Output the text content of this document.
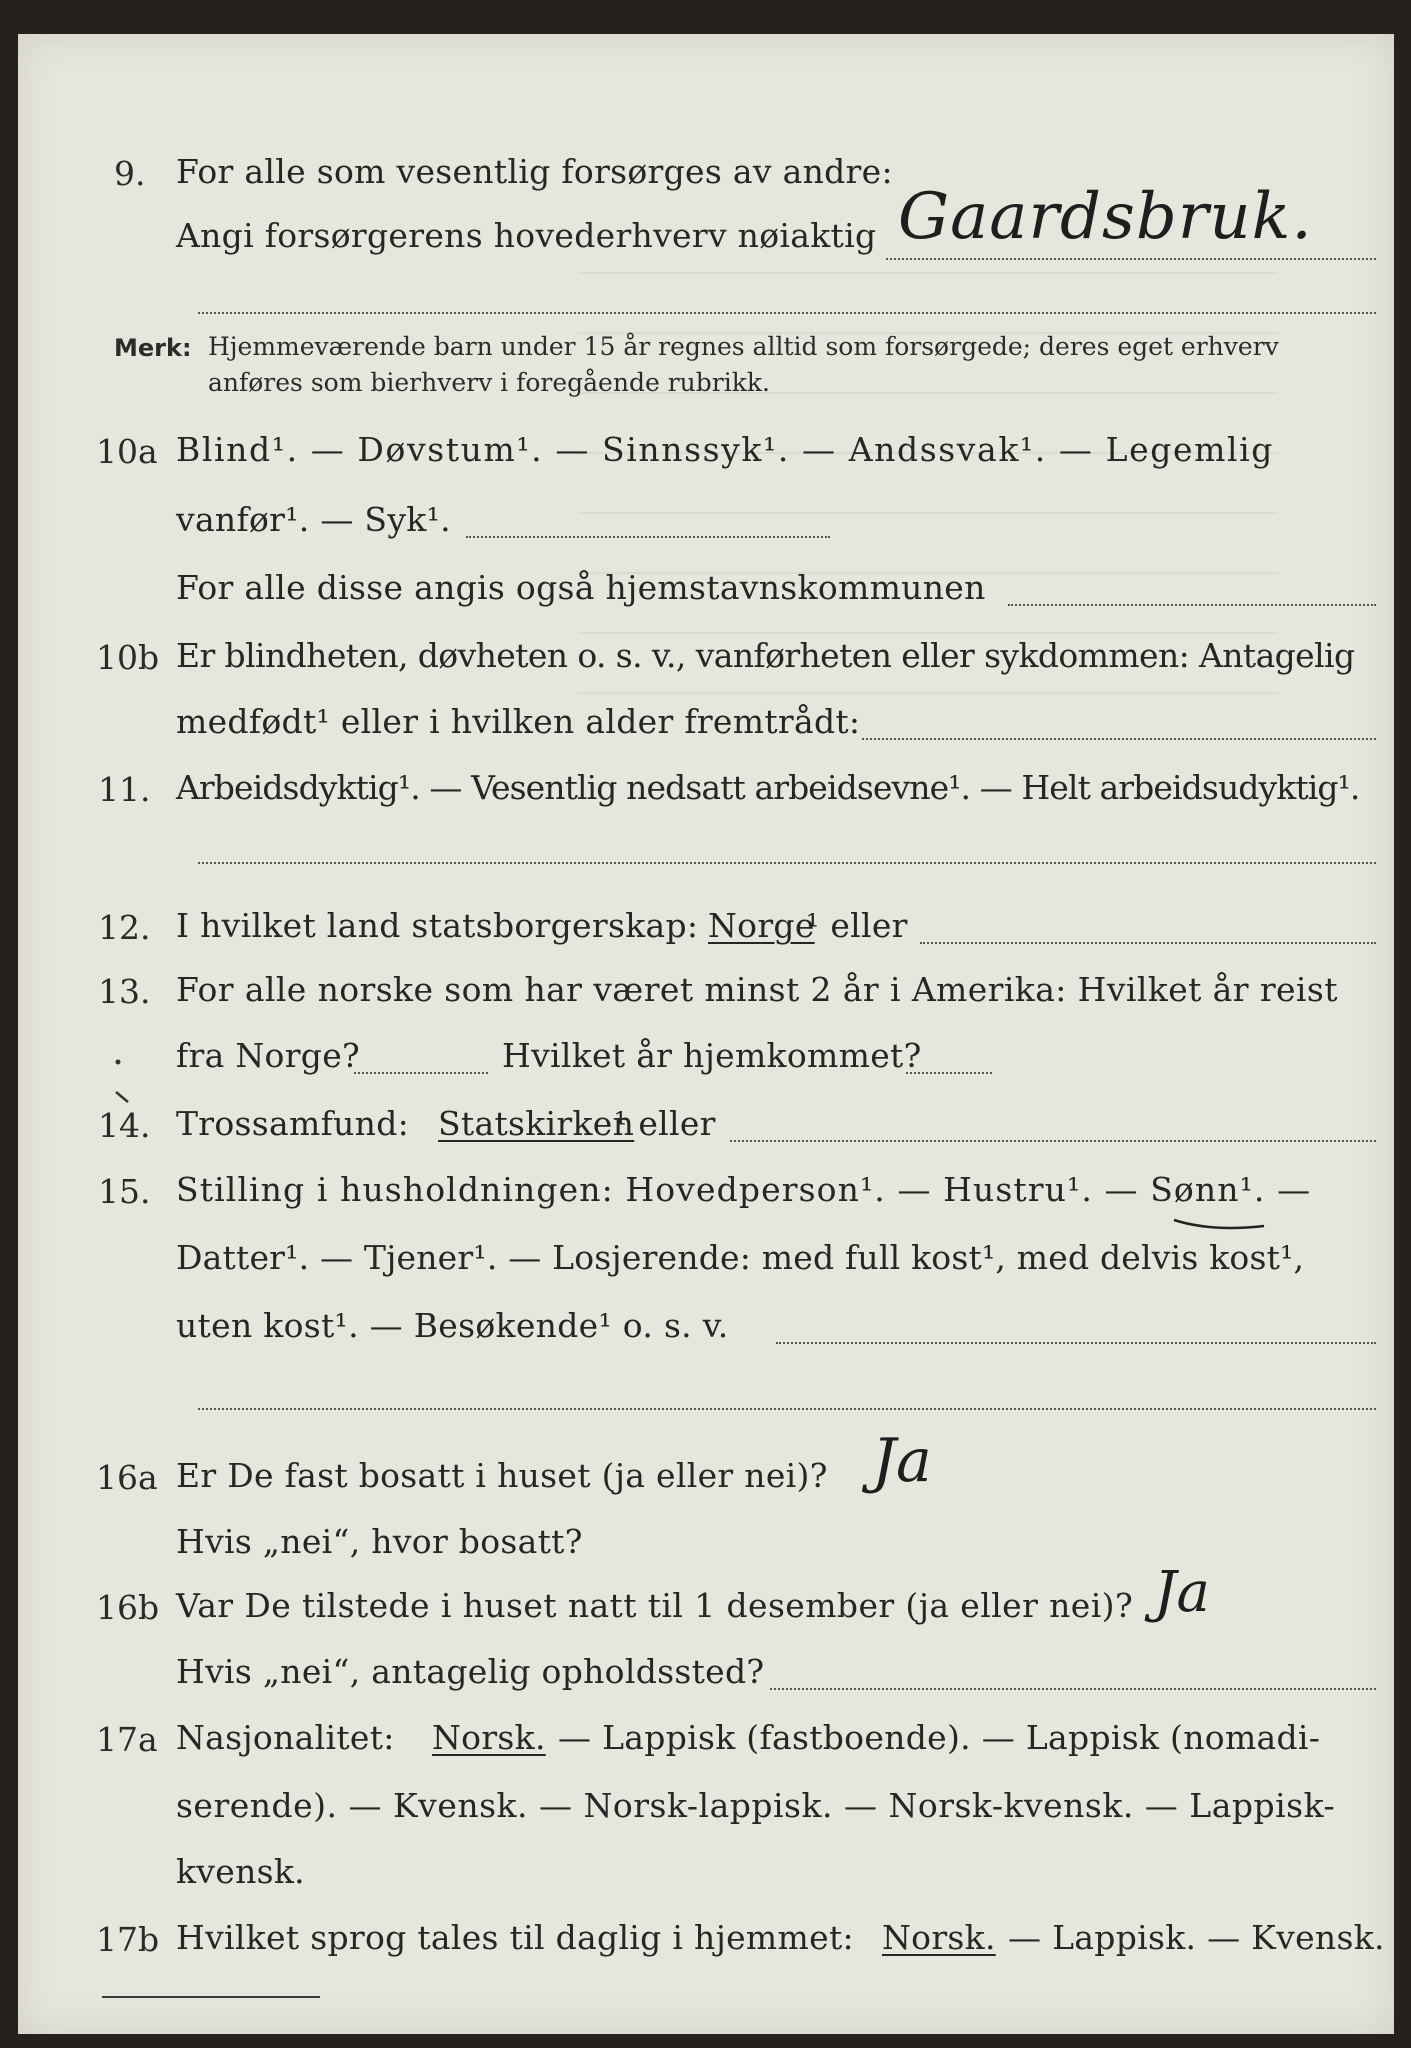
9. For alle som vesentlig forsørges av andre:
Angi forsørgerens hovederhverv nøiaktig Gaardsbruk.
Merk: Hjemmeværende barn under 15 år regnes alltid som forsørgede; deres eget erhverv
anføres som bierhverv i foregående rubrikk.
10a Blind¹. — Døvstum¹. — Sinnssyk¹. — Andssvak¹. — Legemlig
vanfør¹. — Syk¹.
For alle disse angis også hjemstavnskommunen
10b Er blindheten, døvheten o. s. v., vanførheten eller sykdommen: Antagelig
medfødt¹ eller i hvilken alder fremtrådt:
11. Arbeidsdyktig¹. — Vesentlig nedsatt arbeidsevne¹. — Helt arbeidsudyktig¹.
12. I hvilket land statsborgerskap: Norge
¹ eller
13. For alle norske som har været minst 2 år i Amerika: Hvilket år reist
fra Norge?	Hvilket år hjemkommet?
14. Trossamfund: Statskirken
¹ eller
15. Stilling i husholdningen: Hovedperson¹. — Hustru¹. — Sønn¹. —
Datter¹. — Tjener¹. — Losjerende: med full kost¹, med delvis kost¹,
uten kost¹. — Besøkende¹ o. s. v.
16a Er De fast bosatt i huset (ja eller nei)? Ja
Hvis „nei“, hvor bosatt?
16b Var De tilstede i huset natt til 1 desember (ja eller nei)? Ja
Hvis „nei“, antagelig opholdssted?
17a Nasjonalitet: Norsk. — Lappisk (fastboende). — Lappisk (nomadi-
serende). — Kvensk. — Norsk-lappisk. — Norsk-kvensk. — Lappisk-
kvensk.
17b Hvilket sprog tales til daglig i hjemmet: Norsk. — Lappisk. — Kvensk.
